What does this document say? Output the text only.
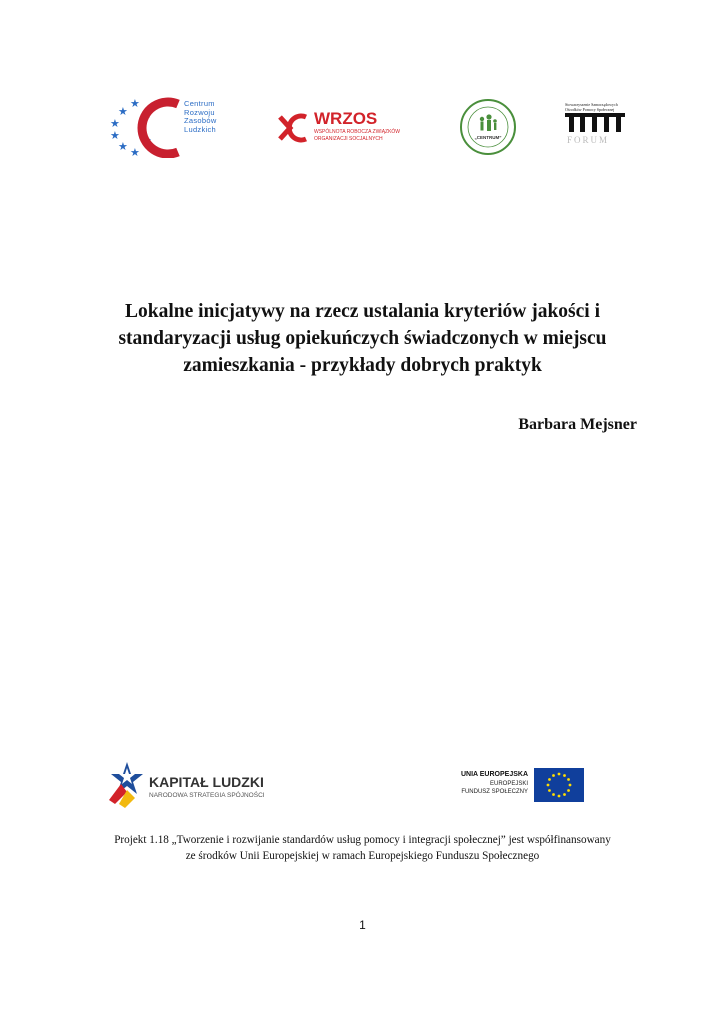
★
★
★
★
★ ★
★
★
Centrum
Rozwoju
Zasobów
Ludzkich
WRZOS
WSPÓLNOTA ROBOCZA ZWIĄZKÓW
ORGANIZACJI SOCJALNYCH	„CENTRUM”
Stowarzyszenie Samorządowych
Ośrodków Pomocy Społecznej
FORUM
Lokalne inicjatywy na rzecz ustalania kryteriów jakości i
standaryzacji usług opiekuńczych świadczonych w miejscu
zamieszkania - przykłady dobrych praktyk
Barbara Mejsner
KAPITAŁ LUDZKI
NARODOWA STRATEGIA SPÓJNOŚCI
UNIA EUROPEJSKA
EUROPEJSKI
FUNDUSZ SPOŁECZNY
Projekt 1.18 „Tworzenie i rozwijanie standardów usług pomocy i integracji społecznej” jest współfinansowany
ze środków Unii Europejskiej w ramach Europejskiego Funduszu Społecznego
1
